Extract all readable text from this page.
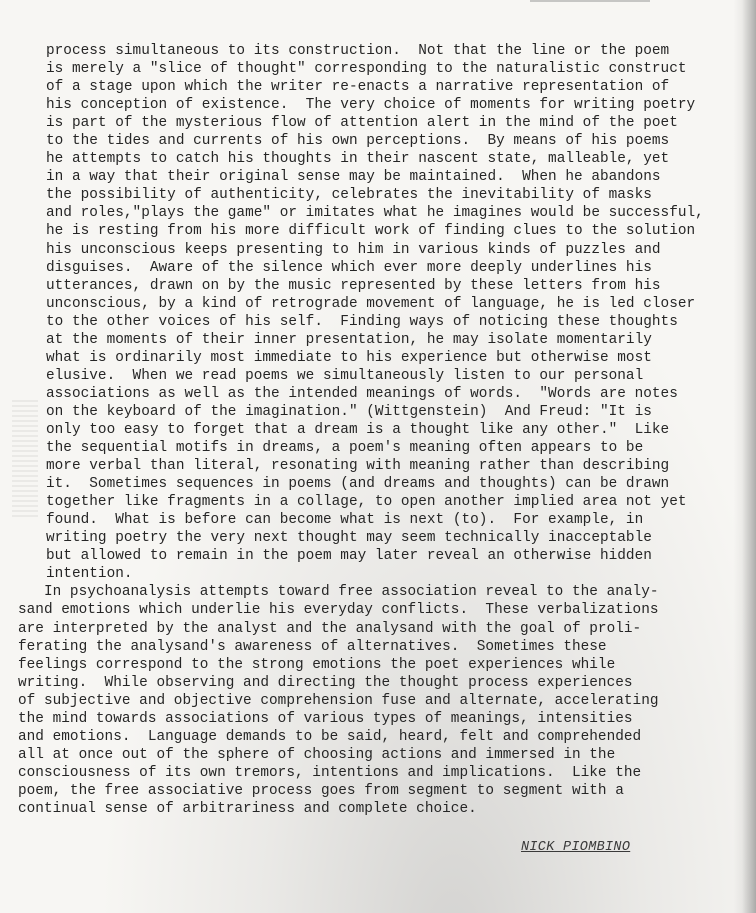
process simultaneous to its construction.  Not that the line or the poem
is merely a "slice of thought" corresponding to the naturalistic construct
of a stage upon which the writer re-enacts a narrative representation of
his conception of existence.  The very choice of moments for writing poetry
is part of the mysterious flow of attention alert in the mind of the poet
to the tides and currents of his own perceptions.  By means of his poems
he attempts to catch his thoughts in their nascent state, malleable, yet
in a way that their original sense may be maintained.  When he abandons
the possibility of authenticity, celebrates the inevitability of masks
and roles,"plays the game" or imitates what he imagines would be successful,
he is resting from his more difficult work of finding clues to the solution
his unconscious keeps presenting to him in various kinds of puzzles and
disguises.  Aware of the silence which ever more deeply underlines his
utterances, drawn on by the music represented by these letters from his
unconscious, by a kind of retrograde movement of language, he is led closer
to the other voices of his self.  Finding ways of noticing these thoughts
at the moments of their inner presentation, he may isolate momentarily
what is ordinarily most immediate to his experience but otherwise most
elusive.  When we read poems we simultaneously listen to our personal
associations as well as the intended meanings of words.  "Words are notes
on the keyboard of the imagination." (Wittgenstein)  And Freud: "It is
only too easy to forget that a dream is a thought like any other."  Like
the sequential motifs in dreams, a poem's meaning often appears to be
more verbal than literal, resonating with meaning rather than describing
it.  Sometimes sequences in poems (and dreams and thoughts) can be drawn
together like fragments in a collage, to open another implied area not yet
found.  What is before can become what is next (to).  For example, in
writing poetry the very next thought may seem technically inacceptable
but allowed to remain in the poem may later reveal an otherwise hidden
intention.
In psychoanalysis attempts toward free association reveal to the analy-
sand emotions which underlie his everyday conflicts.  These verbalizations
are interpreted by the analyst and the analysand with the goal of proli-
ferating the analysand's awareness of alternatives.  Sometimes these
feelings correspond to the strong emotions the poet experiences while
writing.  While observing and directing the thought process experiences
of subjective and objective comprehension fuse and alternate, accelerating
the mind towards associations of various types of meanings, intensities
and emotions.  Language demands to be said, heard, felt and comprehended
all at once out of the sphere of choosing actions and immersed in the
consciousness of its own tremors, intentions and implications.  Like the
poem, the free associative process goes from segment to segment with a
continual sense of arbitrariness and complete choice.
NICK PIOMBINO
